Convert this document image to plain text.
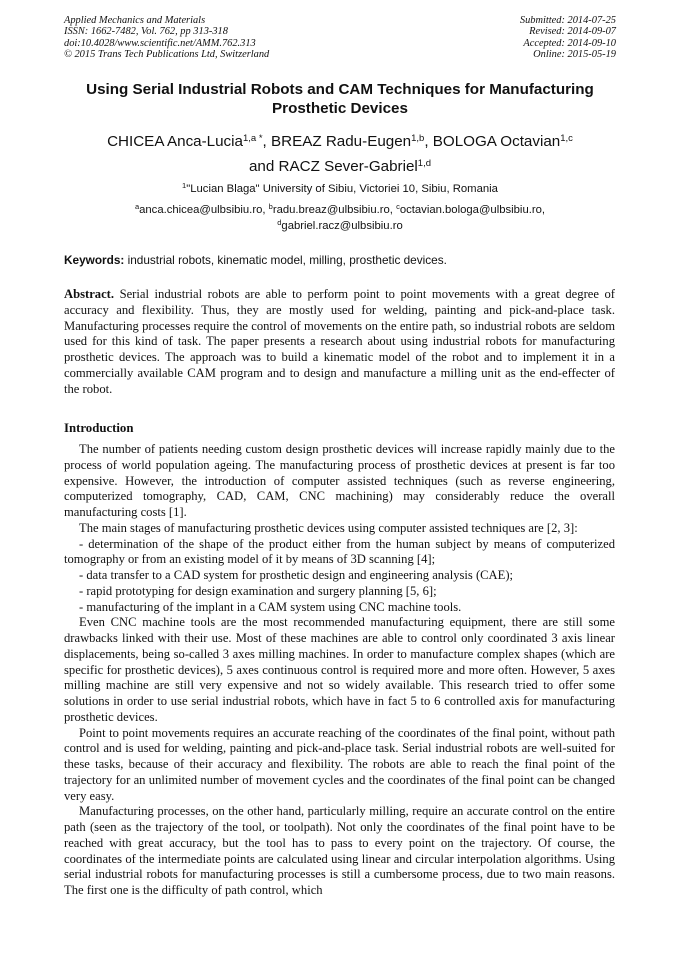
Applied Mechanics and Materials
ISSN: 1662-7482, Vol. 762, pp 313-318
doi:10.4028/www.scientific.net/AMM.762.313
© 2015 Trans Tech Publications Ltd, Switzerland
Submitted: 2014-07-25
Revised: 2014-09-07
Accepted: 2014-09-10
Online: 2015-05-19
Using Serial Industrial Robots and CAM Techniques for Manufacturing Prosthetic Devices
CHICEA Anca-Lucia$^{1,a *}$, BREAZ Radu-Eugen$^{1,b}$, BOLOGA Octavian$^{1,c}$
and RACZ Sever-Gabriel$^{1,d}$
$^1$"Lucian Blaga" University of Sibiu, Victoriei 10, Sibiu, Romania
$^a$anca.chicea@ulbsibiu.ro, $^b$radu.breaz@ulbsibiu.ro, $^c$octavian.bologa@ulbsibiu.ro,
$^d$gabriel.racz@ulbsibiu.ro
Keywords: industrial robots, kinematic model, milling, prosthetic devices.

Abstract. Serial industrial robots are able to perform point to point movements with a great degree of accuracy and flexibility. Thus, they are mostly used for welding, painting and pick-and-place task. Manufacturing processes require the control of movements on the entire path, so industrial robots are seldom used for this kind of task. The paper presents a research about using industrial robots for manufacturing prosthetic devices. The approach was to build a kinematic model of the robot and to implement it in a commercially available CAM program and to design and manufacture a milling unit as the end-effecter of the robot.

Introduction

The number of patients needing custom design prosthetic devices will increase rapidly mainly due to the process of world population ageing. The manufacturing process of prosthetic devices at present is far too expensive. However, the introduction of computer assisted techniques (such as reverse engineering, computerized tomography, CAD, CAM, CNC machining) may considerably reduce the overall manufacturing costs [1].

The main stages of manufacturing prosthetic devices using computer assisted techniques are [2, 3]:

- determination of the shape of the product either from the human subject by means of computerized tomography or from an existing model of it by means of 3D scanning [4];

- data transfer to a CAD system for prosthetic design and engineering analysis (CAE);

- rapid prototyping for design examination and surgery planning [5, 6];

- manufacturing of the implant in a CAM system using CNC machine tools.

Even CNC machine tools are the most recommended manufacturing equipment, there are still some drawbacks linked with their use. Most of these machines are able to control only coordinated 3 axis linear displacements, being so-called 3 axes milling machines. In order to manufacture complex shapes (which are specific for prosthetic devices), 5 axes continuous control is required more and more often. However, 5 axes milling machine are still very expensive and not so widely available. This research tried to offer some solutions in order to use serial industrial robots, which have in fact 5 to 6 controlled axis for manufacturing prosthetic devices.

Point to point movements requires an accurate reaching of the coordinates of the final point, without path control and is used for welding, painting and pick-and-place task. Serial industrial robots are well-suited for these tasks, because of their accuracy and flexibility. The robots are able to reach the final point of the trajectory for an unlimited number of movement cycles and the coordinates of the final point can be changed very easy.

Manufacturing processes, on the other hand, particularly milling, require an accurate control on the entire path (seen as the trajectory of the tool, or toolpath). Not only the coordinates of the final point have to be reached with great accuracy, but the tool has to pass to every point on the trajectory. Of course, the coordinates of the intermediate points are calculated using linear and circular interpolation algorithms. Using serial industrial robots for manufacturing processes is still a cumbersome process, due to two main reasons. The first one is the difficulty of path control, which
